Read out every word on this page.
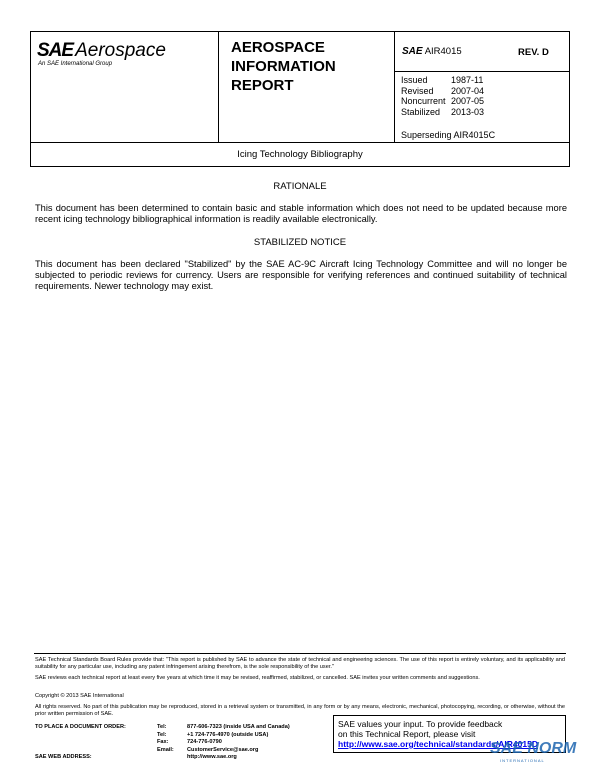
SAE Aerospace
An SAE International Group
AEROSPACE
INFORMATION
REPORT
SAE AIR4015	REV. D
Issued	1987-11
Revised	2007-04
Noncurrent 2007-05
Stabilized	2013-03
Superseding AIR4015C
Icing Technology Bibliography
RATIONALE
This document has been determined to contain basic and stable information which does not need to be updated because more recent icing technology bibliographical information is readily available electronically.
STABILIZED NOTICE
This document has been declared "Stabilized" by the SAE AC-9C Aircraft Icing Technology Committee and will no longer be subjected to periodic reviews for currency. Users are responsible for verifying references and continued suitability of technical requirements. Newer technology may exist.
SAE Technical Standards Board Rules provide that: "This report is published by SAE to advance the state of technical and engineering sciences. The use of this report is entirely voluntary, and its applicability and suitability for any particular use, including any patent infringement arising therefrom, is the sole responsibility of the user."
SAE reviews each technical report at least every five years at which time it may be revised, reaffirmed, stabilized, or cancelled. SAE invites your written comments and suggestions.
Copyright © 2013 SAE International
All rights reserved. No part of this publication may be reproduced, stored in a retrieval system or transmitted, in any form or by any means, electronic, mechanical, photocopying, recording, or otherwise, without the prior written permission of SAE.
TO PLACE A DOCUMENT ORDER:	Tel:	877-606-7323 (inside USA and Canada)
Tel:	+1 724-776-4970 (outside USA)
Fax:	724-776-0790
Email:	CustomerService@sae.org
SAE WEB ADDRESS:	http://www.sae.org
SAE values your input. To provide feedback
on this Technical Report, please visit
http://www.sae.org/technical/standards/AIR4015D
SAE NORM
INTERNATIONAL
